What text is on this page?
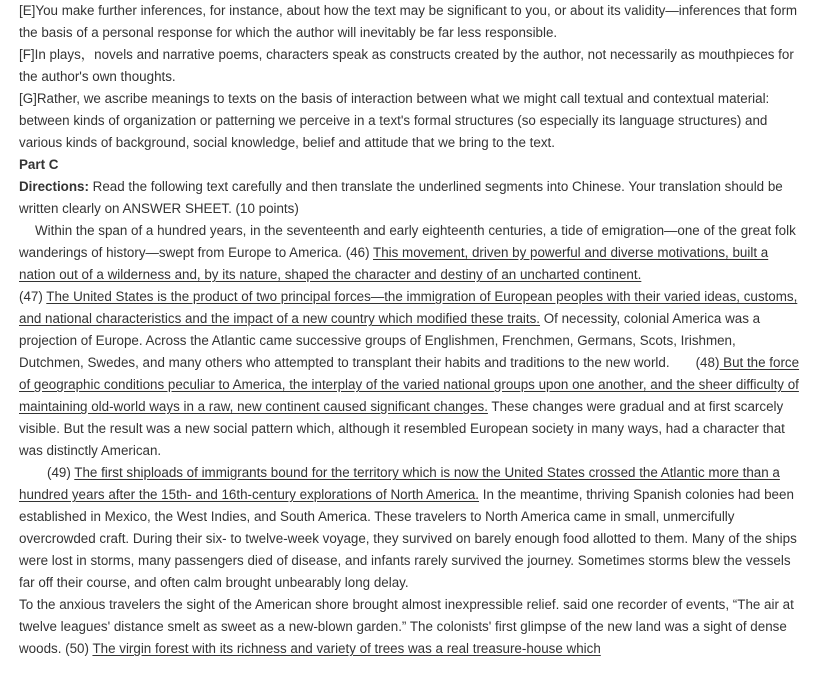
[E]You make further inferences, for instance, about how the text may be significant to you, or about its validity—inferences that form the basis of a personal response for which the author will inevitably be far less responsible.

[F]In plays，novels and narrative poems, characters speak as constructs created by the author, not necessarily as mouthpieces for the author's own thoughts.

[G]Rather, we ascribe meanings to texts on the basis of interaction between what we might call textual and contextual material: between kinds of organization or patterning we perceive in a text's formal structures (so especially its language structures) and various kinds of background, social knowledge, belief and attitude that we bring to the text.

Part C

Directions: Read the following text carefully and then translate the underlined segments into Chinese. Your translation should be written clearly on ANSWER SHEET. (10 points)

Within the span of a hundred years, in the seventeenth and early eighteenth centuries, a tide of emigration—one of the great folk wanderings of history—swept from Europe to America. (46) This movement, driven by powerful and diverse motivations, built a nation out of a wilderness and, by its nature, shaped the character and destiny of an uncharted continent.

(47) The United States is the product of two principal forces—the immigration of European peoples with their varied ideas, customs, and national characteristics and the impact of a new country which modified these traits. Of necessity, colonial America was a projection of Europe. Across the Atlantic came successive groups of Englishmen, Frenchmen, Germans, Scots, Irishmen, Dutchmen, Swedes, and many others who attempted to transplant their habits and traditions to the new world.       (48) But the force of geographic conditions peculiar to America, the interplay of the varied national groups upon one another, and the sheer difficulty of maintaining old-world ways in a raw, new continent caused significant changes. These changes were gradual and at first scarcely visible. But the result was a new social pattern which, although it resembled European society in many ways, had a character that was distinctly American.

(49) The first shiploads of immigrants bound for the territory which is now the United States crossed the Atlantic more than a hundred years after the 15th- and 16th-century explorations of North America. In the meantime, thriving Spanish colonies had been established in Mexico, the West Indies, and South America. These travelers to North America came in small, unmercifully overcrowded craft. During their six- to twelve-week voyage, they survived on barely enough food allotted to them. Many of the ships were lost in storms, many passengers died of disease, and infants rarely survived the journey. Sometimes storms blew the vessels far off their course, and often calm brought unbearably long delay.

To the anxious travelers the sight of the American shore brought almost inexpressible relief. said one recorder of events, “The air at twelve leagues' distance smelt as sweet as a new-blown garden.” The colonists' first glimpse of the new land was a sight of dense woods. (50) The virgin forest with its richness and variety of trees was a real treasure-house which
